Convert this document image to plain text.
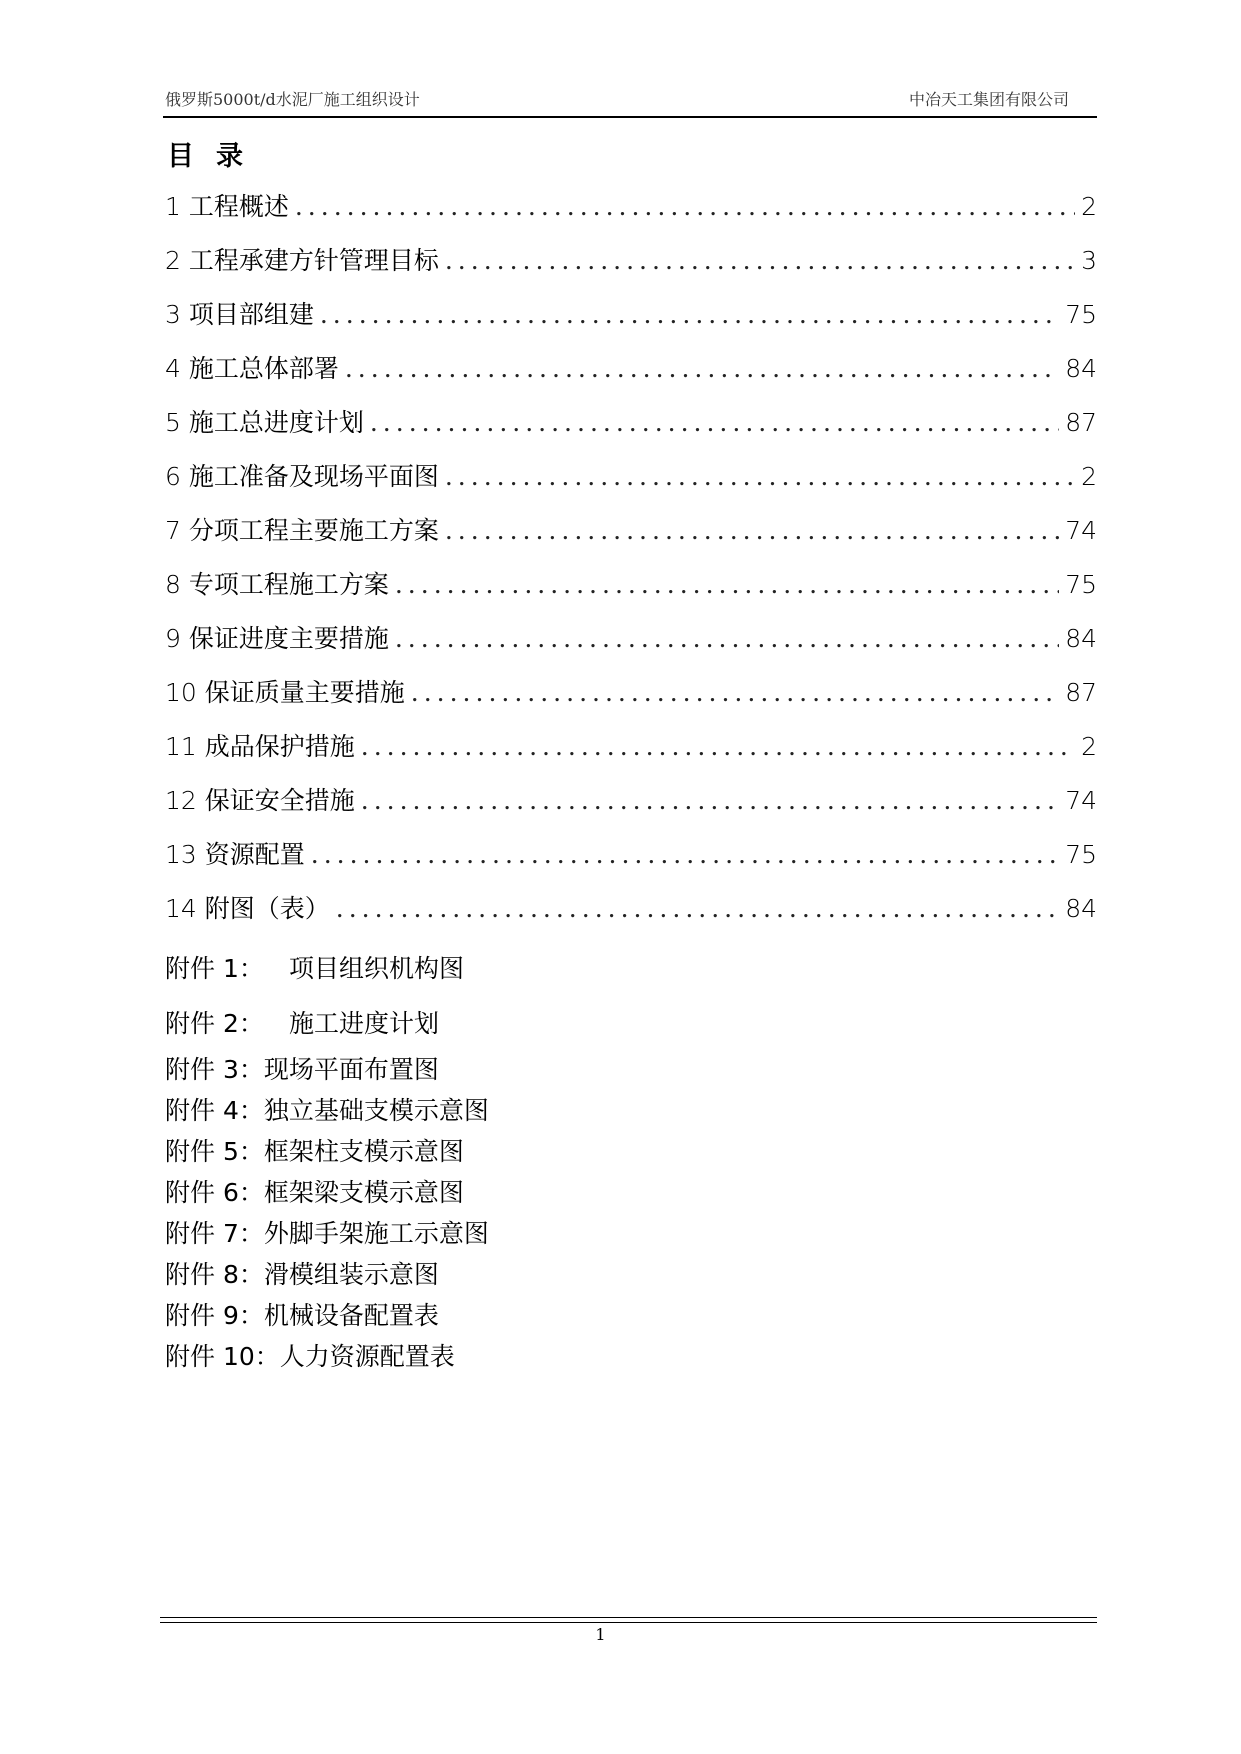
俄罗斯5000t/d水泥厂施工组织设计	中冶天工集团有限公司
目录
1 工程概述 .....	2
2 工程承建方针管理目标 .....	3
3 项目部组建 .....	75
4 施工总体部署 .....	84
5 施工总进度计划 .....	87
6 施工准备及现场平面图 .....	2
7 分项工程主要施工方案 .....	74
8 专项工程施工方案 .....	75
9 保证进度主要措施 .....	84
10 保证质量主要措施 .....	87
11 成品保护措施 .....	2
12 保证安全措施 .....	74
13 资源配置 .....	75
14 附图（表） .....	84
附件 1： 项目组织机构图
附件 2： 施工进度计划
附件 3：现场平面布置图
附件 4：独立基础支模示意图
附件 5：框架柱支模示意图
附件 6：框架梁支模示意图
附件 7：外脚手架施工示意图
附件 8：滑模组装示意图
附件 9：机械设备配置表
附件 10：人力资源配置表
1
